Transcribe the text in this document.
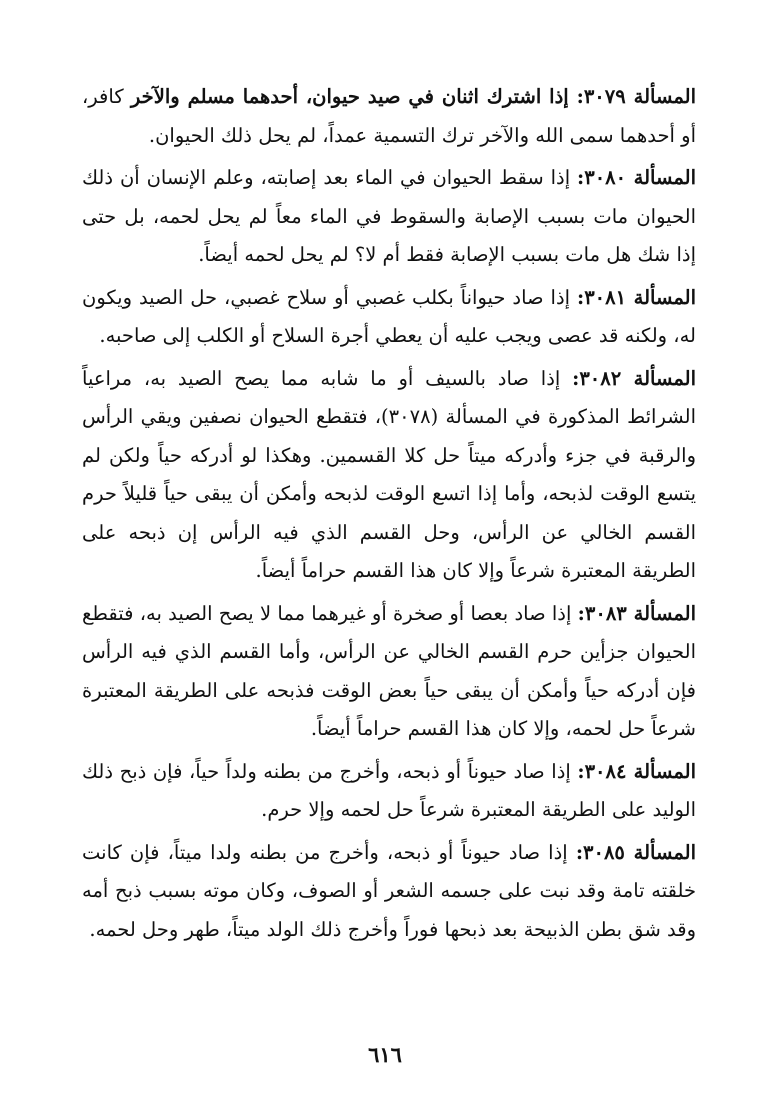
المسألة ٣٠٧٩: إذا اشترك اثنان في صيد حيوان، أحدهما مسلم والآخر كافر، أو أحدهما سمى الله والآخر ترك التسمية عمداً، لم يحل ذلك الحيوان.

المسألة ٣٠٨٠: إذا سقط الحيوان في الماء بعد إصابته، وعلم الإنسان أن ذلك الحيوان مات بسبب الإصابة والسقوط في الماء معاً لم يحل لحمه، بل حتى إذا شك هل مات بسبب الإصابة فقط أم لا؟ لم يحل لحمه أيضاً.

المسألة ٣٠٨١: إذا صاد حيواناً بكلب غصبي أو سلاح غصبي، حل الصيد ويكون له، ولكنه قد عصى ويجب عليه أن يعطي أجرة السلاح أو الكلب إلى صاحبه.

المسألة ٣٠٨٢: إذا صاد بالسيف أو ما شابه مما يصح الصيد به، مراعياً الشرائط المذكورة في المسألة (٣٠٧٨)، فتقطع الحيوان نصفين ويقي الرأس والرقبة في جزء وأدركه ميتاً حل كلا القسمين. وهكذا لو أدركه حياً ولكن لم يتسع الوقت لذبحه، وأما إذا اتسع الوقت لذبحه وأمكن أن يبقى حياً قليلاً حرم القسم الخالي عن الرأس، وحل القسم الذي فيه الرأس إن ذبحه على الطريقة المعتبرة شرعاً وإلا كان هذا القسم حراماً أيضاً.

المسألة ٣٠٨٣: إذا صاد بعصا أو صخرة أو غيرهما مما لا يصح الصيد به، فتقطع الحيوان جزأين حرم القسم الخالي عن الرأس، وأما القسم الذي فيه الرأس فإن أدركه حياً وأمكن أن يبقى حياً بعض الوقت فذبحه على الطريقة المعتبرة شرعاً حل لحمه، وإلا كان هذا القسم حراماً أيضاً.

المسألة ٣٠٨٤: إذا صاد حيوناً أو ذبحه، وأخرج من بطنه ولداً حياً، فإن ذبح ذلك الوليد على الطريقة المعتبرة شرعاً حل لحمه وإلا حرم.

المسألة ٣٠٨٥: إذا صاد حيوناً أو ذبحه، وأخرج من بطنه ولدا ميتاً، فإن كانت خلقته تامة وقد نبت على جسمه الشعر أو الصوف، وكان موته بسبب ذبح أمه وقد شق بطن الذبيحة بعد ذبحها فوراً وأخرج ذلك الولد ميتاً، طهر وحل لحمه.

٦١٦
